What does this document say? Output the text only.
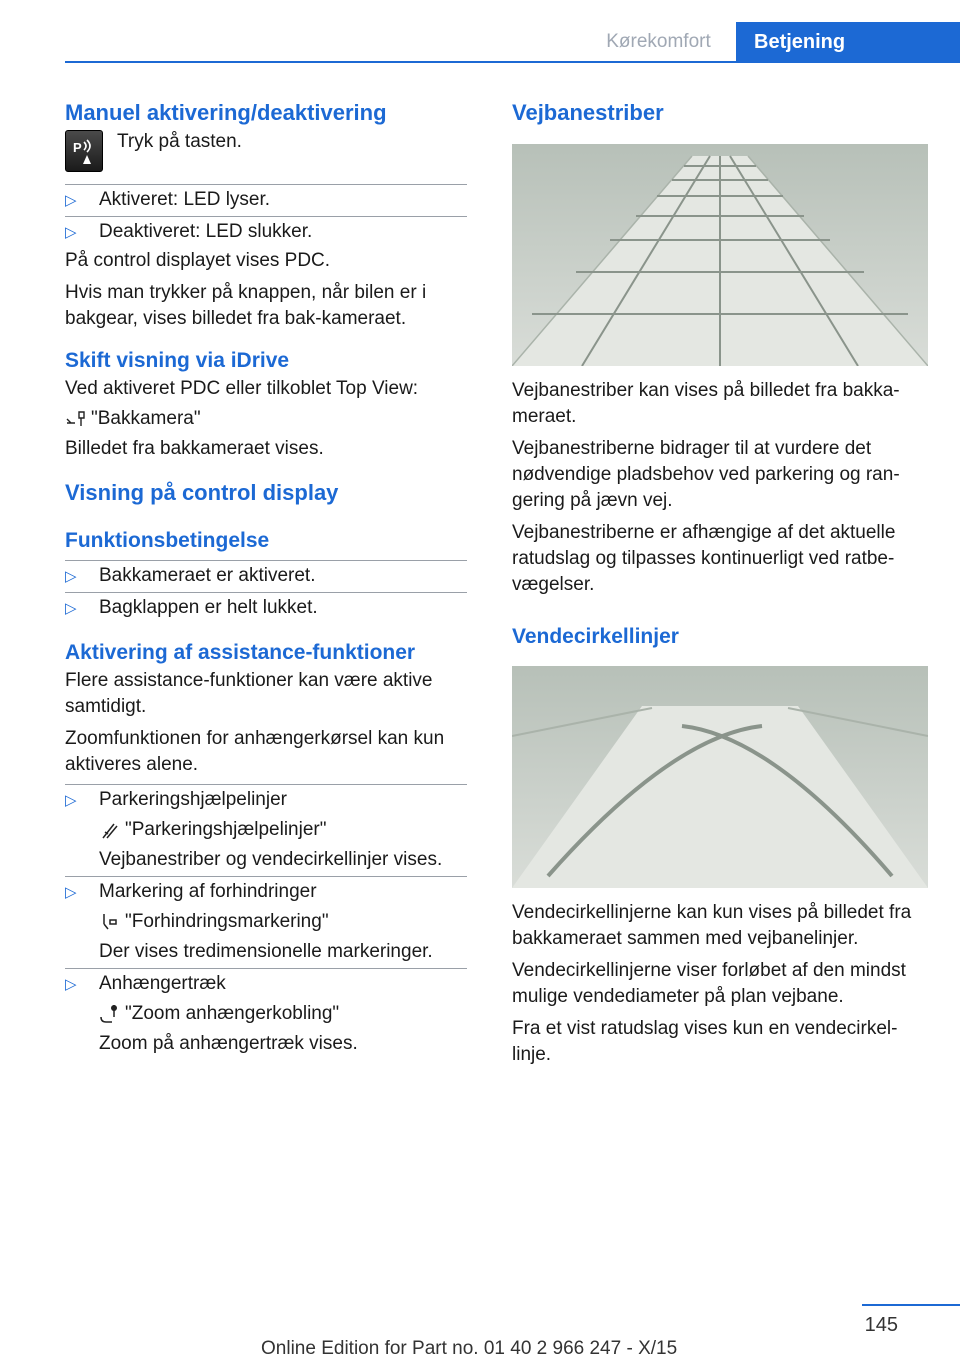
Kørekomfort	Betjening
Manuel aktivering/deaktivering
P Tryk på tasten.

▷ Aktiveret: LED lyser.
▷ Deaktiveret: LED slukker.

På control displayet vises PDC.

Hvis man trykker på knappen, når bilen er i bakgear, vises billedet fra bak-kameraet.

Skift visning via iDrive

Ved aktiveret PDC eller tilkoblet Top View:

"Bakkamera"

Billedet fra bakkameraet vises.

Visning på control display
Funktionsbetingelse
▷ Bakkameraet er aktiveret.
▷ Bagklappen er helt lukket.
Aktivering af assistance-funktioner

Flere assistance-funktioner kan være aktive samtidigt.

Zoomfunktionen for anhængerkørsel kan kun aktiveres alene.

▷ Parkeringshjælpelinjer
"Parkeringshjælpelinjer"
Vejbanestriber og vendecirkellinjer vises.
▷ Markering af forhindringer
"Forhindringsmarkering"
Der vises tredimensionelle markeringer.
▷ Anhængertræk
"Zoom anhængerkobling"
Zoom på anhængertræk vises.
Vejbanestriber

Vejbanestriber kan vises på billedet fra bakka-meraet.

Vejbanestriberne bidrager til at vurdere det nødvendige pladsbehov ved parkering og ran-gering på jævn vej.

Vejbanestriberne er afhængige af det aktuelle ratudslag og tilpasses kontinuerligt ved ratbe-vægelser.

Vendecirkellinjer

Vendecirkellinjerne kan kun vises på billedet fra bakkameraet sammen med vejbanelinjer.

Vendecirkellinjerne viser forløbet af den mindst mulige vendediameter på plan vejbane.

Fra et vist ratudslag vises kun en vendecirkel-linje.

145
Online Edition for Part no. 01 40 2 966 247 - X/15
